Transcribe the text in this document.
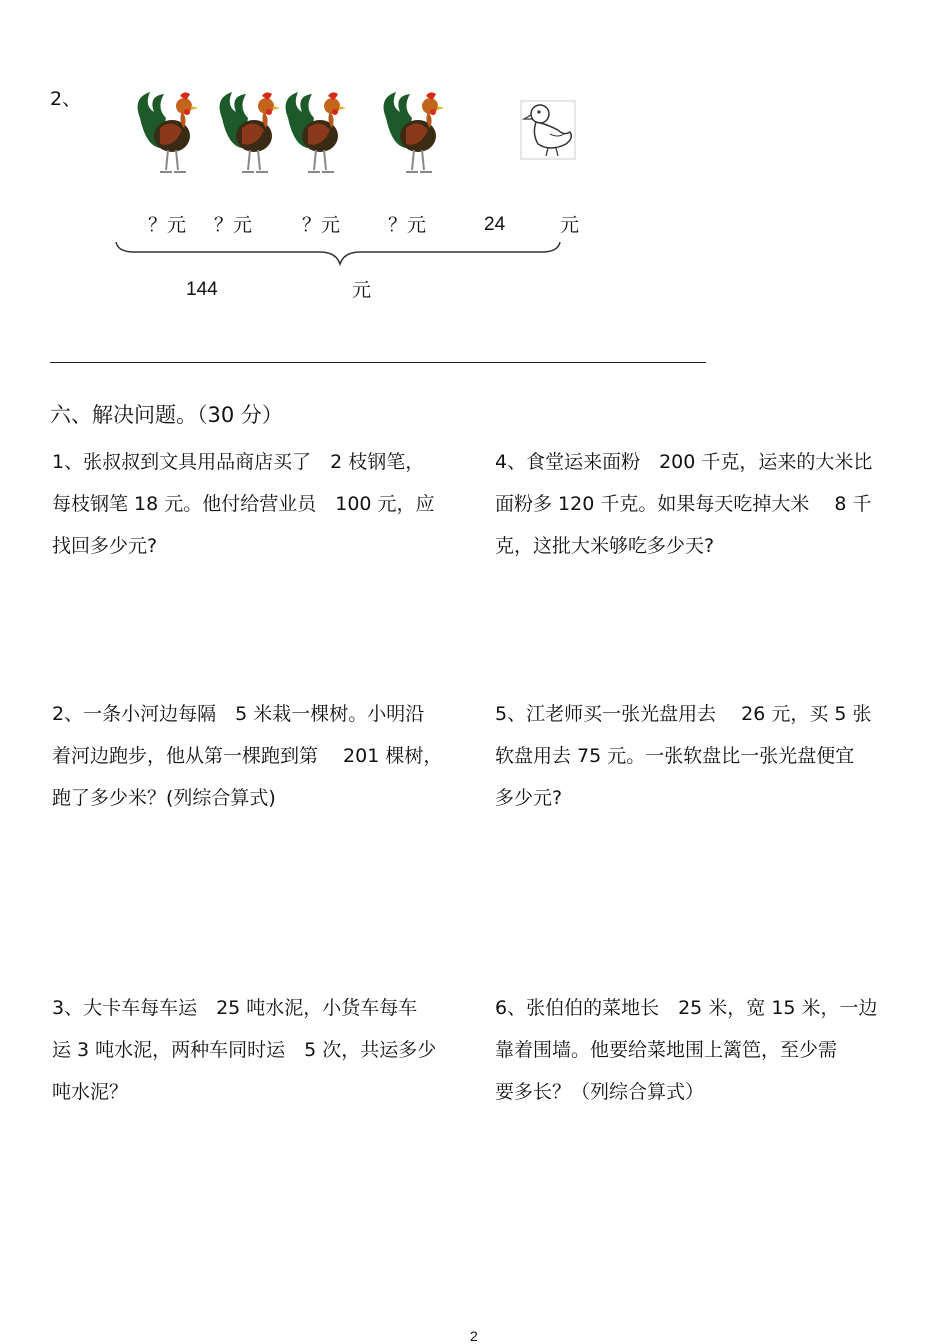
2、
？元 ？元	？元	？元	24	元
144	元
六、解决问题。（30 分）
1、张叔叔到文具用品商店买了　2 枝钢笔，
每枝钢笔 18 元。他付给营业员　100 元，应
找回多少元?
2、一条小河边每隔　5 米栽一棵树。小明沿
着河边跑步，他从第一棵跑到第　 201 棵树，
跑了多少米？(列综合算式)
3、大卡车每车运　25 吨水泥，小货车每车
运 3 吨水泥，两种车同时运　5 次，共运多少
吨水泥？
4、食堂运来面粉　200 千克，运来的大米比
面粉多 120 千克。如果每天吃掉大米　 8 千
克，这批大米够吃多少天?
5、江老师买一张光盘用去　 26 元，买 5 张
软盘用去 75 元。一张软盘比一张光盘便宜
多少元?
6、张伯伯的菜地长　25 米，宽 15 米，一边
靠着围墙。他要给菜地围上篱笆，至少需
要多长？（列综合算式）
2
